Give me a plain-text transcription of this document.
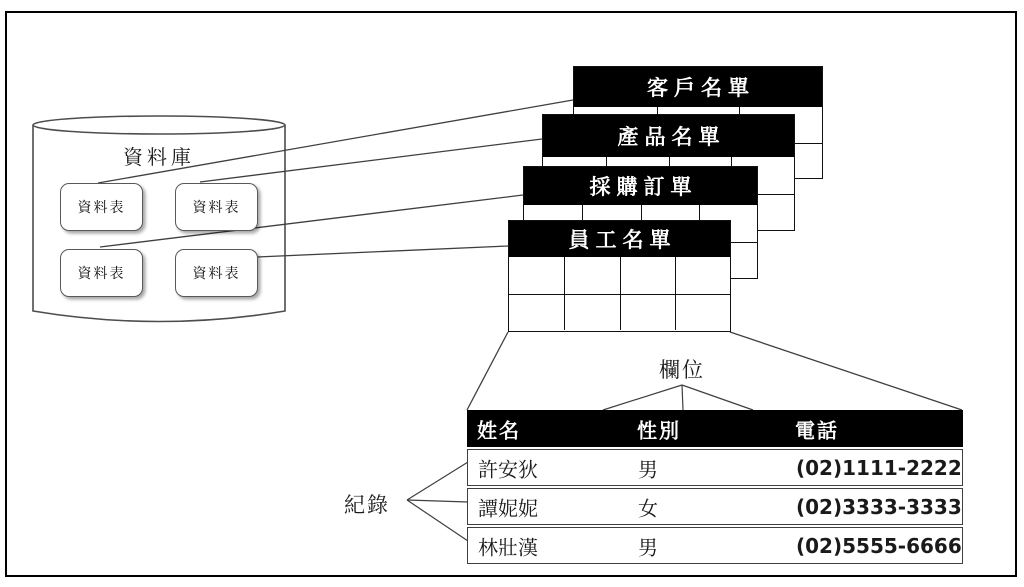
資料庫
資料表	資料表
資料表	資料表
客戶名單
產品名單
採購訂單
員工名單
欄位
紀錄
姓名	性別	電話
許安狄	男	(02)1111-2222
譚妮妮	女	(02)3333-3333
林壯漢	男	(02)5555-6666
